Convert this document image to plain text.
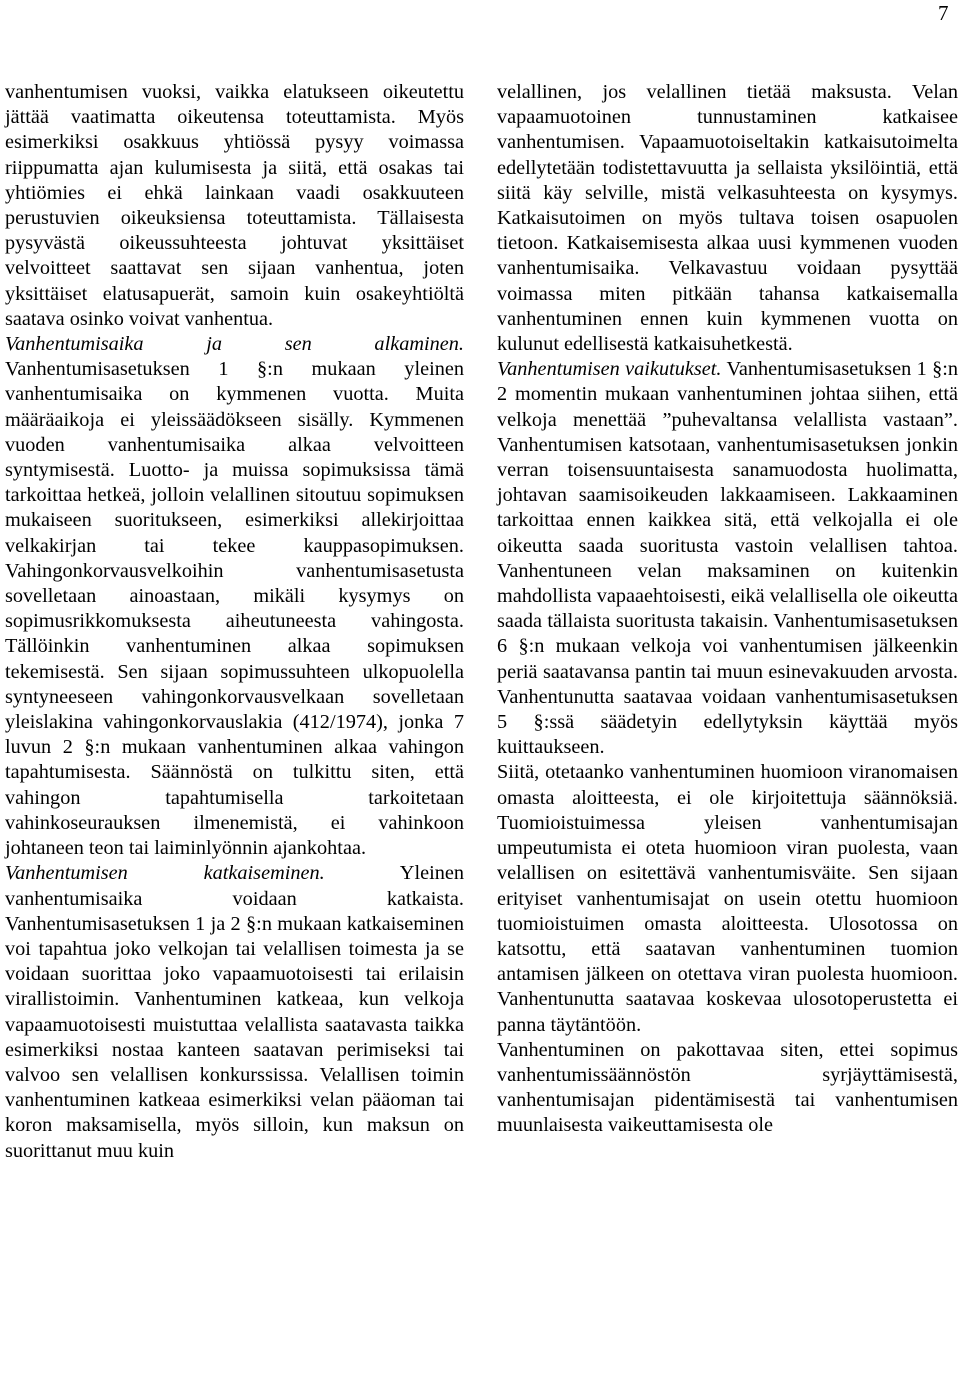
7

vanhentumisen vuoksi, vaikka elatukseen oikeutettu jättää vaatimatta oikeutensa toteuttamista. Myös esimerkiksi osakkuus yhtiössä pysyy voimassa riippumatta ajan kulumisesta ja siitä, että osakas tai yhtiömies ei ehkä lainkaan vaadi osakkuuteen perustuvien oikeuksiensa toteuttamista. Tällaisesta pysyvästä oikeussuhteesta johtuvat yksittäiset velvoitteet saattavat sen sijaan vanhentua, joten yksittäiset elatusapuerät, samoin kuin osakeyhtiöltä saatava osinko voivat vanhentua.

Vanhentumisaika ja sen alkaminen. Vanhentumisasetuksen 1 §:n mukaan yleinen vanhentumisaika on kymmenen vuotta. Muita määräaikoja ei yleissäädökseen sisälly. Kymmenen vuoden vanhentumisaika alkaa velvoitteen syntymisestä. Luotto- ja muissa sopimuksissa tämä tarkoittaa hetkeä, jolloin velallinen sitoutuu sopimuksen mukaiseen suoritukseen, esimerkiksi allekirjoittaa velkakirjan tai tekee kauppasopimuksen. Vahingonkorvausvelkoihin vanhentumisasetusta sovelletaan ainoastaan, mikäli kysymys on sopimusrikkomuksesta aiheutuneesta vahingosta. Tällöinkin vanhentuminen alkaa sopimuksen tekemisestä. Sen sijaan sopimussuhteen ulkopuolella syntyneeseen vahingonkorvausvelkaan sovelletaan yleislakina vahingonkorvauslakia (412/1974), jonka 7 luvun 2 §:n mukaan vanhentuminen alkaa vahingon tapahtumisesta. Säännöstä on tulkittu siten, että vahingon tapahtumisella tarkoitetaan vahinkoseurauksen ilmenemistä, ei vahinkoon johtaneen teon tai laiminlyönnin ajankohtaa.

Vanhentumisen katkaiseminen. Yleinen vanhentumisaika voidaan katkaista. Vanhentumisasetuksen 1 ja 2 §:n mukaan katkaiseminen voi tapahtua joko velkojan tai velallisen toimesta ja se voidaan suorittaa joko vapaamuotoisesti tai erilaisin virallistoimin. Vanhentuminen katkeaa, kun velkoja vapaamuotoisesti muistuttaa velallista saatavasta taikka esimerkiksi nostaa kanteen saatavan perimiseksi tai valvoo sen velallisen konkurssissa. Velallisen toimin vanhentuminen katkeaa esimerkiksi velan pääoman tai koron maksamisella, myös silloin, kun maksun on suorittanut muu kuin

velallinen, jos velallinen tietää maksusta. Velan vapaamuotoinen tunnustaminen katkaisee vanhentumisen. Vapaamuotoiseltakin katkaisutoimelta edellytetään todistettavuutta ja sellaista yksilöintiä, että siitä käy selville, mistä velkasuhteesta on kysymys. Katkaisutoimen on myös tultava toisen osapuolen tietoon. Katkaisemisesta alkaa uusi kymmenen vuoden vanhentumisaika. Velkavastuu voidaan pysyttää voimassa miten pitkään tahansa katkaisemalla vanhentuminen ennen kuin kymmenen vuotta on kulunut edellisestä katkaisuhetkestä.

Vanhentumisen vaikutukset. Vanhentumisasetuksen 1 §:n 2 momentin mukaan vanhentuminen johtaa siihen, että velkoja menettää ”puhevaltansa velallista vastaan”. Vanhentumisen katsotaan, vanhentumisasetuksen jonkin verran toisensuuntaisesta sanamuodosta huolimatta, johtavan saamisoikeuden lakkaamiseen. Lakkaaminen tarkoittaa ennen kaikkea sitä, että velkojalla ei ole oikeutta saada suoritusta vastoin velallisen tahtoa. Vanhentuneen velan maksaminen on kuitenkin mahdollista vapaaehtoisesti, eikä velallisella ole oikeutta saada tällaista suoritusta takaisin. Vanhentumisasetuksen 6 §:n mukaan velkoja voi vanhentumisen jälkeenkin periä saatavansa pantin tai muun esinevakuuden arvosta. Vanhentunutta saatavaa voidaan vanhentumisasetuksen 5 §:ssä säädetyin edellytyksin käyttää myös kuittaukseen.

Siitä, otetaanko vanhentuminen huomioon viranomaisen omasta aloitteesta, ei ole kirjoitettuja säännöksiä. Tuomioistuimessa yleisen vanhentumisajan umpeutumista ei oteta huomioon viran puolesta, vaan velallisen on esitettävä vanhentumisväite. Sen sijaan erityiset vanhentumisajat on usein otettu huomioon tuomioistuimen omasta aloitteesta. Ulosotossa on katsottu, että saatavan vanhentuminen tuomion antamisen jälkeen on otettava viran puolesta huomioon. Vanhentunutta saatavaa koskevaa ulosotoperustetta ei panna täytäntöön.

Vanhentuminen on pakottavaa siten, ettei sopimus vanhentumissäännöstön syrjäyttämisestä, vanhentumisajan pidentämisestä tai vanhentumisen muunlaisesta vaikeuttamisesta ole
